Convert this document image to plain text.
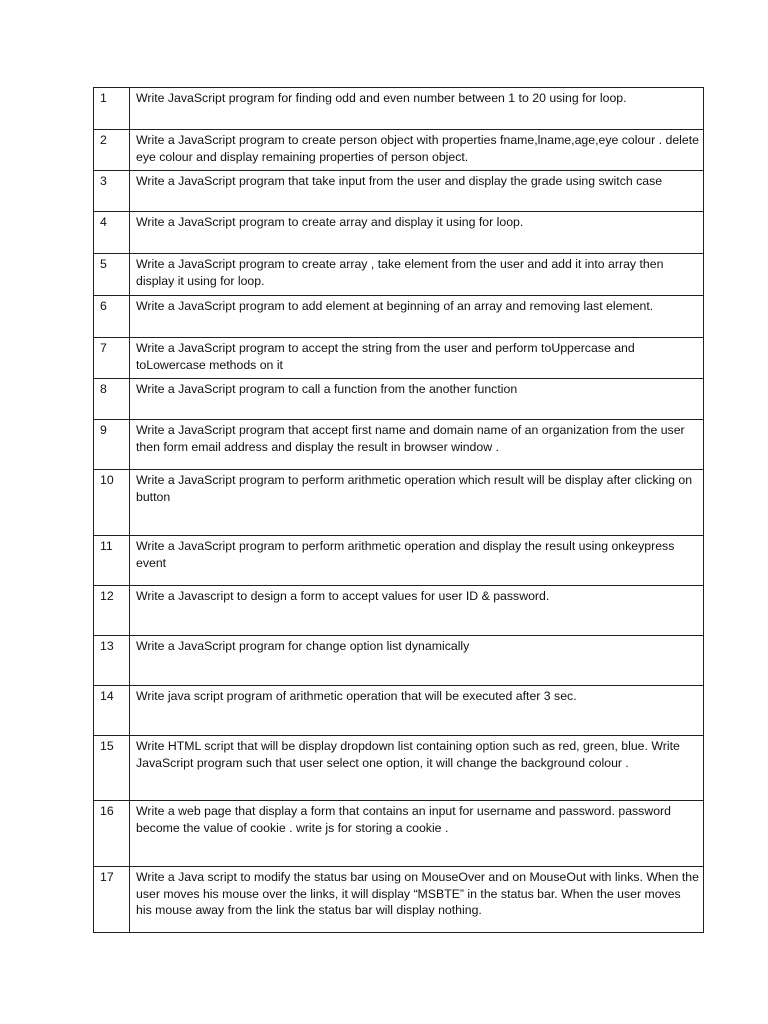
1	Write JavaScript program for finding odd and even number between 1 to 20 using for loop.
2	Write a JavaScript program to create person object with properties fname,lname,age,eye colour . delete eye colour and display remaining properties of person object.
3	Write a JavaScript program that take input from the user and display the grade using switch case
4	Write a JavaScript program to create array and display it using for loop.
5	Write a JavaScript program to create array , take element from the user and add it into array then display it using for loop.
6	Write a JavaScript program to add element at beginning of an array and removing last element.
7	Write a JavaScript program to accept the string from the user and perform toUppercase and toLowercase methods on it
8	Write a JavaScript program to call a function from the another function
9	Write a JavaScript program that accept first name and domain name of an organization from the user then form email address and display the result in browser window .
10	Write a JavaScript program to perform arithmetic operation which result will be display after clicking on button
11	Write a JavaScript program to perform arithmetic operation and display the result using onkeypress event
12	Write a Javascript to design a form to accept values for user ID & password.
13	Write a JavaScript program for change option list dynamically
14	Write java script program of arithmetic operation that will be executed after 3 sec.
15	Write HTML script that will be display dropdown list containing option such as red, green, blue. Write JavaScript program such that user select one option, it will change the background colour .
16	Write a web page that display a form that contains an input for username and password. password become the value of cookie . write js for storing a cookie .
17	Write a Java script to modify the status bar using on MouseOver and on MouseOut with links. When the user moves his mouse over the links, it will display “MSBTE” in the status bar. When the user moves his mouse away from the link the status bar will display nothing.
